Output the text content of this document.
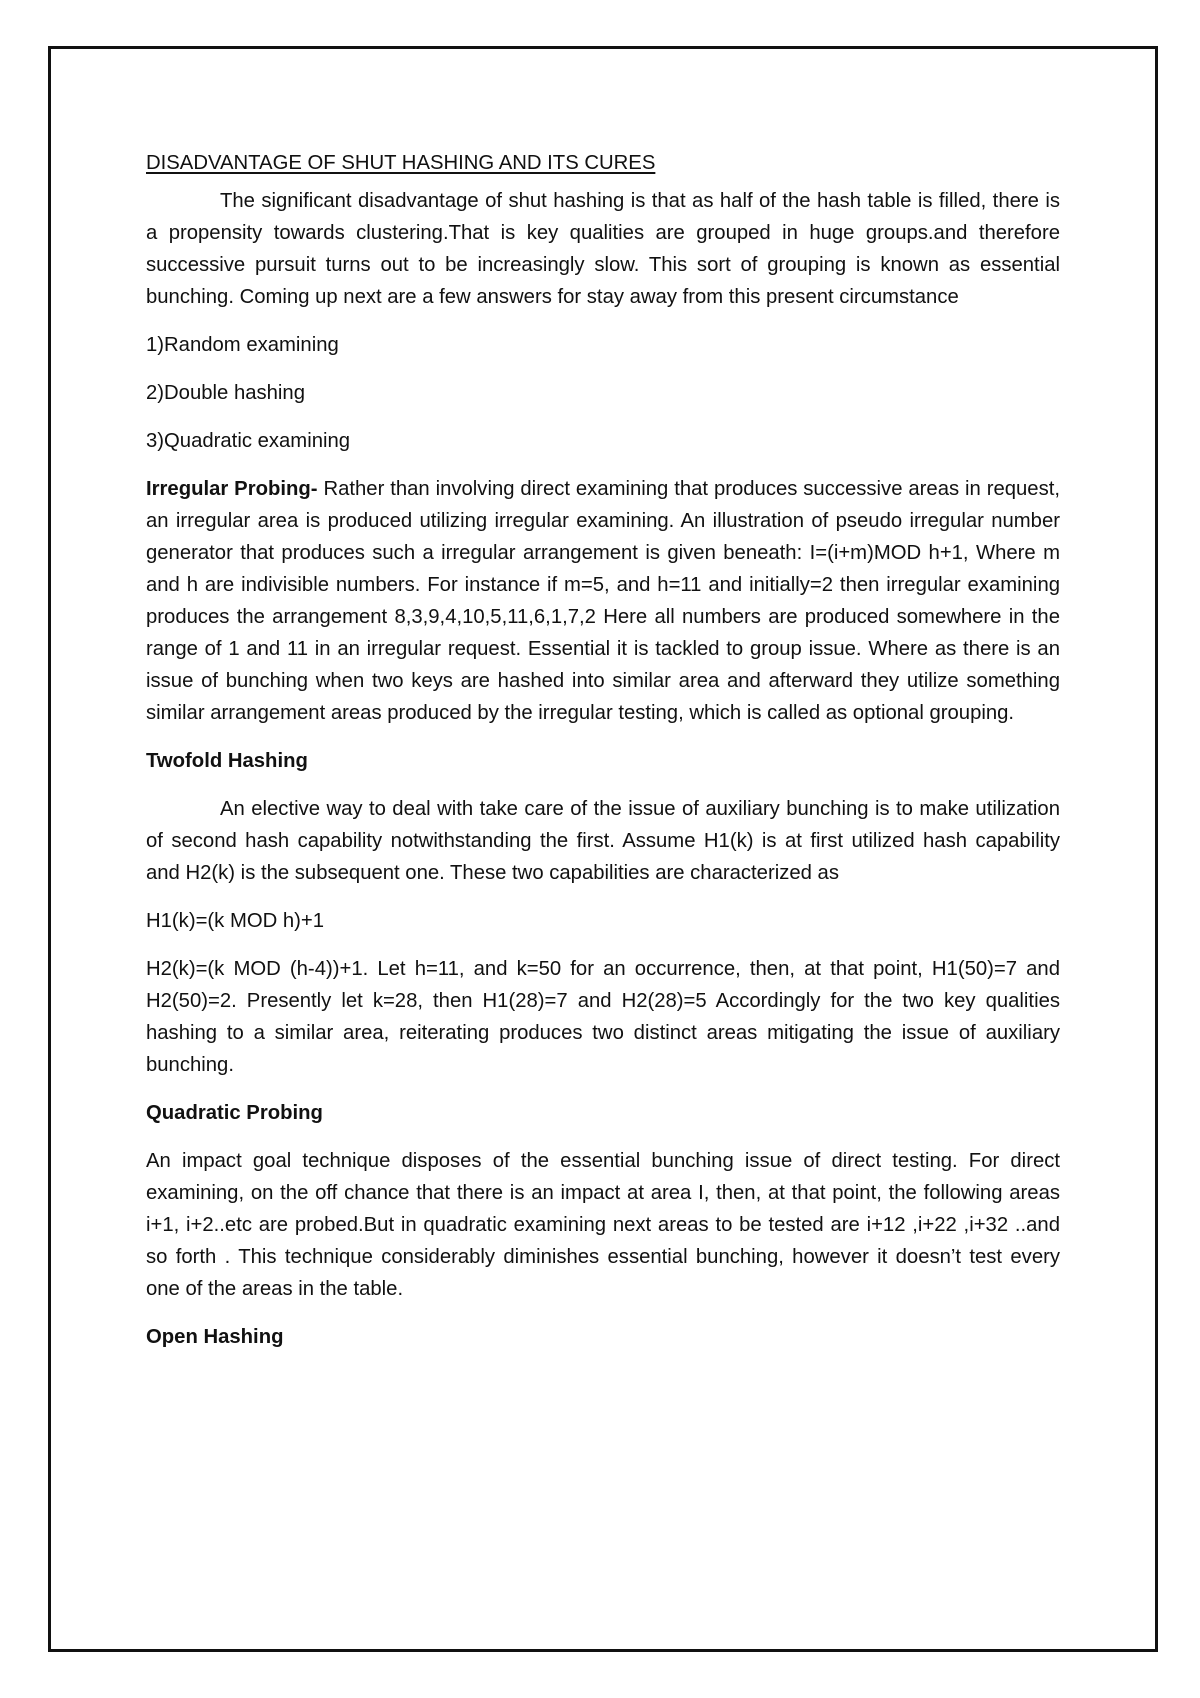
DISADVANTAGE OF SHUT HASHING AND ITS CURES

The significant disadvantage of shut hashing is that as half of the hash table is filled, there is a propensity towards clustering.That is key qualities are grouped in huge groups.and therefore successive pursuit turns out to be increasingly slow. This sort of grouping is known as essential bunching. Coming up next are a few answers for stay away from this present circumstance

1)Random examining
2)Double hashing
3)Quadratic examining

Irregular Probing- Rather than involving direct examining that produces successive areas in request, an irregular area is produced utilizing irregular examining. An illustration of pseudo irregular number generator that produces such a irregular arrangement is given beneath: I=(i+m)MOD h+1, Where m and h are indivisible numbers. For instance if m=5, and h=11 and initially=2 then irregular examining produces the arrangement 8,3,9,4,10,5,11,6,1,7,2 Here all numbers are produced somewhere in the range of 1 and 11 in an irregular request. Essential it is tackled to group issue. Where as there is an issue of bunching when two keys are hashed into similar area and afterward they utilize something similar arrangement areas produced by the irregular testing, which is called as optional grouping.

Twofold Hashing

An elective way to deal with take care of the issue of auxiliary bunching is to make utilization of second hash capability notwithstanding the first. Assume H1(k) is at first utilized hash capability and H2(k) is the subsequent one. These two capabilities are characterized as

H1(k)=(k MOD h)+1

H2(k)=(k MOD (h-4))+1. Let h=11, and k=50 for an occurrence, then, at that point, H1(50)=7 and H2(50)=2. Presently let k=28, then H1(28)=7 and H2(28)=5 Accordingly for the two key qualities hashing to a similar area, reiterating produces two distinct areas mitigating the issue of auxiliary bunching.

Quadratic Probing

An impact goal technique disposes of the essential bunching issue of direct testing. For direct examining, on the off chance that there is an impact at area I, then, at that point, the following areas i+1, i+2..etc are probed.But in quadratic examining next areas to be tested are i+12 ,i+22 ,i+32 ..and so forth . This technique considerably diminishes essential bunching, however it doesn’t test every one of the areas in the table.

Open Hashing
